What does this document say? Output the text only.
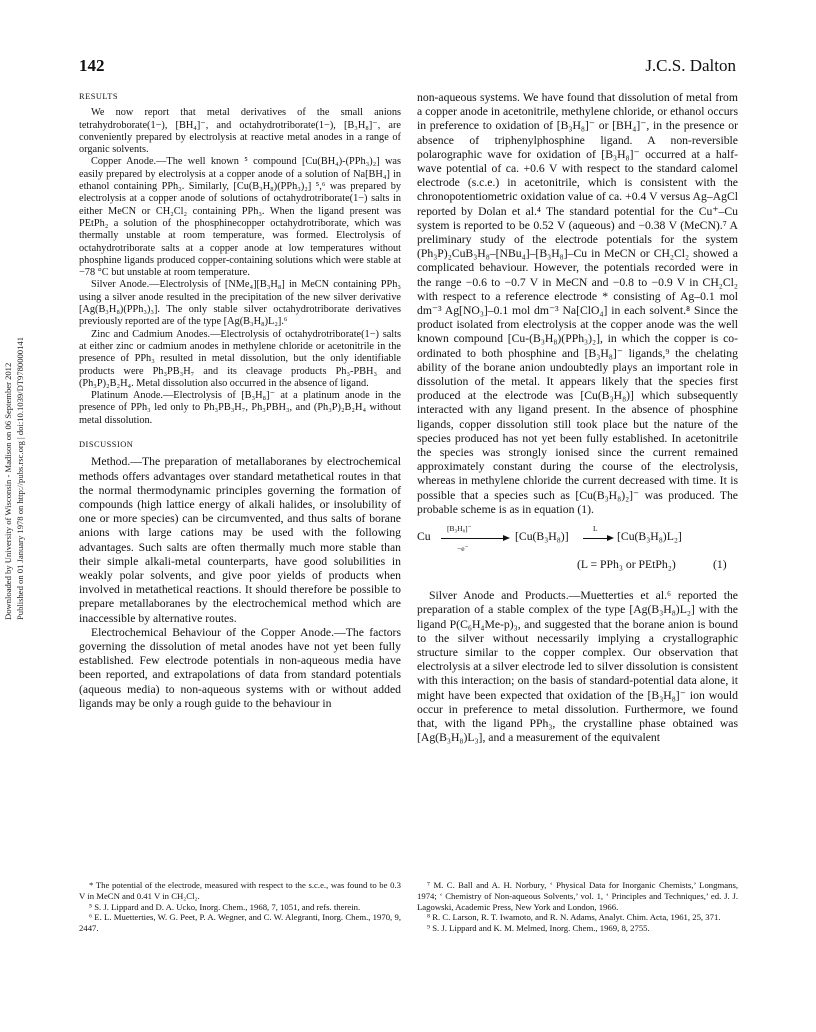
142	J.C.S. Dalton
Downloaded by University of Wisconsin - Madison on 06 September 2012 Published on 01 January 1978 on http://pubs.rsc.org | doi:10.1039/DT9780000141
RESULTS

We now report that metal derivatives of the small anions tetrahydroborate(1−), [BH₄]⁻, and octahydrotriborate(1−), [B₃H₈]⁻, are conveniently prepared by electrolysis at reactive metal anodes in a range of organic solvents.

Copper Anode.—The well known ⁵ compound [Cu(BH₄)-(PPh₃)₂] was easily prepared by electrolysis at a copper anode of a solution of Na[BH₄] in ethanol containing PPh₃. Similarly, [Cu(B₃H₈)(PPh₃)₂] ⁵,⁶ was prepared by electrolysis at a copper anode of solutions of octahydrotriborate(1−) salts in either MeCN or CH₂Cl₂ containing PPh₃. When the ligand present was PEtPh₂ a solution of the phosphinecopper octahydrotriborate, which was thermally unstable at room temperature, was formed. Electrolysis of octahydrotriborate salts at a copper anode at low temperatures without phosphine ligands produced copper-containing solutions which were stable at −78 °C but unstable at room temperature.

Silver Anode.—Electrolysis of [NMe₄][B₃H₈] in MeCN containing PPh₃ using a silver anode resulted in the precipitation of the new silver derivative [Ag(B₃H₈)(PPh₃)₃]. The only stable silver octahydrotriborate derivatives previously reported are of the type [Ag(B₃H₈)L₂].⁶

Zinc and Cadmium Anodes.—Electrolysis of octahydrotriborate(1−) salts at either zinc or cadmium anodes in methylene chloride or acetonitrile in the presence of PPh₃ resulted in metal dissolution, but the only identifiable products were Ph₃PB₃H₇ and its cleavage products Ph₃-PBH₃ and (Ph₃P)₂B₂H₄. Metal dissolution also occurred in the absence of ligand.

Platinum Anode.—Electrolysis of [B₃H₈]⁻ at a platinum anode in the presence of PPh₃ led only to Ph₃PB₃H₇, Ph₃PBH₃, and (Ph₃P)₂B₂H₄ without metal dissolution.

DISCUSSION

Method.—The preparation of metallaboranes by electrochemical methods offers advantages over standard metathetical routes in that the normal thermodynamic principles governing the formation of compounds (high lattice energy of alkali halides, or insolubility of one or more species) can be circumvented, and thus salts of borane anions with large cations may be used with the following advantages. Such salts are often thermally much more stable than their simple alkali-metal counterparts, have good solubilities in weakly polar solvents, and give poor yields of products when involved in metathetical reactions. It should therefore be possible to prepare metallaboranes by the electrochemical method which are inaccessible by alternative routes.

Electrochemical Behaviour of the Copper Anode.—The factors governing the dissolution of metal anodes have not yet been fully established. Few electrode potentials in non-aqueous media have been reported, and extrapolations of data from standard potentials (aqueous media) to non-aqueous systems with or without added ligands may be only a rough guide to the behaviour in

non-aqueous systems. We have found that dissolution of metal from a copper anode in acetonitrile, methylene chloride, or ethanol occurs in preference to oxidation of [B₃H₈]⁻ or [BH₄]⁻, in the presence or absence of triphenylphosphine ligand. A non-reversible polarographic wave for oxidation of [B₃H₈]⁻ occurred at a half-wave potential of ca. +0.6 V with respect to the standard calomel electrode (s.c.e.) in acetonitrile, which is consistent with the chronopotentiometric oxidation value of ca. +0.4 V versus Ag–AgCl reported by Dolan et al.⁴ The standard potential for the Cu⁺–Cu system is reported to be 0.52 V (aqueous) and −0.38 V (MeCN).⁷ A preliminary study of the electrode potentials for the system (Ph₃P)₂CuB₃H₈–[NBu₄]–[B₃H₈]–Cu in MeCN or CH₂Cl₂ showed a complicated behaviour. However, the potentials recorded were in the range −0.6 to −0.7 V in MeCN and −0.8 to −0.9 V in CH₂Cl₂ with respect to a reference electrode * consisting of Ag–0.1 mol dm⁻³ Ag[NO₃]–0.1 mol dm⁻³ Na[ClO₄] in each solvent.⁸ Since the product isolated from electrolysis at the copper anode was the well known compound [Cu-(B₃H₈)(PPh₃)₂], in which the copper is co-ordinated to both phosphine and [B₃H₈]⁻ ligands,⁹ the chelating ability of the borane anion undoubtedly plays an important role in dissolution of the metal. It appears likely that the species first produced at the electrode was [Cu(B₃H₈)] which subsequently interacted with any ligand present. In the absence of phosphine ligands, copper dissolution still took place but the nature of the species produced has not yet been fully established. In acetonitrile the species was strongly ionised since the current remained approximately constant during the course of the electrolysis, whereas in methylene chloride the current decreased with time. It is possible that a species such as [Cu(B₃H₈)₂]⁻ was produced. The probable scheme is as in equation (1).

Cu
[B₃H₈]⁻
−e⁻
[Cu(B₃H₈)]
L
[Cu(B₃H₈)L₂]
(L = PPh₃ or PEtPh₂)	(1)

Silver Anode and Products.—Muetterties et al.⁶ reported the preparation of a stable complex of the type [Ag(B₃H₈)L₂] with the ligand P(C₆H₄Me-p)₃, and suggested that the borane anion is bound to the silver without necessarily implying a crystallographic structure similar to the copper complex. Our observation that electrolysis at a silver electrode led to silver dissolution is consistent with this interaction; on the basis of standard-potential data alone, it might have been expected that oxidation of the [B₃H₈]⁻ ion would occur in preference to metal dissolution. Furthermore, we found that, with the ligand PPh₃, the crystalline phase obtained was [Ag(B₃H₈)L₃], and a measurement of the equivalent

* The potential of the electrode, measured with respect to the s.c.e., was found to be 0.3 V in MeCN and 0.41 V in CH₂Cl₂.

⁵ S. J. Lippard and D. A. Ucko, Inorg. Chem., 1968, 7, 1051, and refs. therein.

⁶ E. L. Muetterties, W. G. Peet, P. A. Wegner, and C. W. Alegranti, Inorg. Chem., 1970, 9, 2447.

⁷ M. C. Ball and A. H. Norbury, ‘ Physical Data for Inorganic Chemists,’ Longmans, 1974; ‘ Chemistry of Non-aqueous Solvents,’ vol. 1, ‘ Principles and Techniques,’ ed. J. J. Lagowski, Academic Press, New York and London, 1966.

⁸ R. C. Larson, R. T. Iwamoto, and R. N. Adams, Analyt. Chim. Acta, 1961, 25, 371.

⁹ S. J. Lippard and K. M. Melmed, Inorg. Chem., 1969, 8, 2755.
